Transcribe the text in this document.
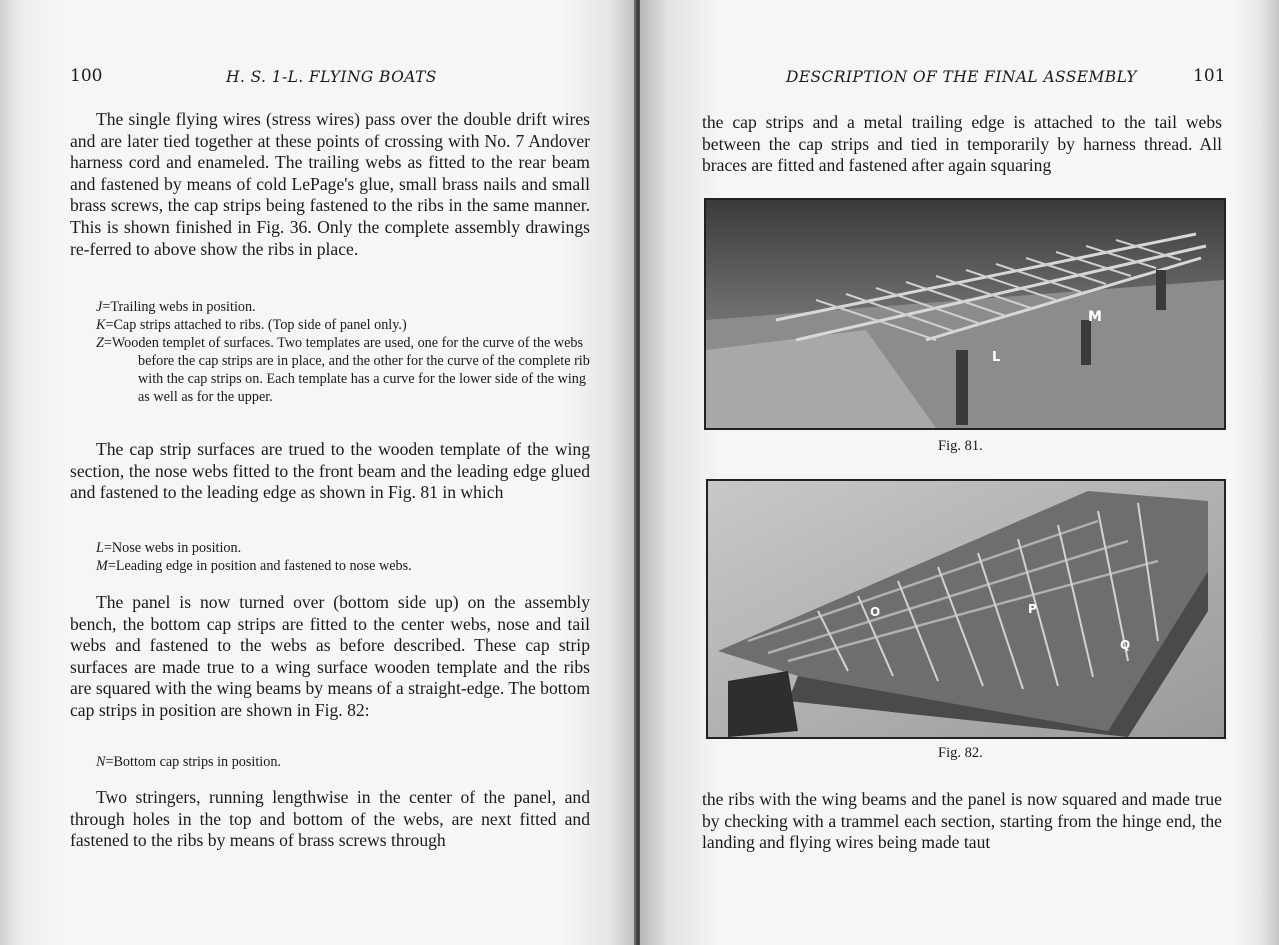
100	H. S. 1-L. FLYING BOATS

The single flying wires (stress wires) pass over the double drift wires and are later tied together at these points of crossing with No. 7 Andover harness cord and enameled. The trailing webs as fitted to the rear beam and fastened by means of cold LePage's glue, small brass nails and small brass screws, the cap strips being fastened to the ribs in the same manner. This is shown finished in Fig. 36. Only the complete assembly drawings re-ferred to above show the ribs in place.

J=Trailing webs in position.
K=Cap strips attached to ribs. (Top side of panel only.)
Z=Wooden templet of surfaces. Two templates are used, one for the curve of the webs before the cap strips are in place, and the other for the curve of the complete rib with the cap strips on. Each template has a curve for the lower side of the wing as well as for the upper.

The cap strip surfaces are trued to the wooden template of the wing section, the nose webs fitted to the front beam and the leading edge glued and fastened to the leading edge as shown in Fig. 81 in which

L=Nose webs in position.
M=Leading edge in position and fastened to nose webs.

The panel is now turned over (bottom side up) on the assembly bench, the bottom cap strips are fitted to the center webs, nose and tail webs and fastened to the webs as before described. These cap strip surfaces are made true to a wing surface wooden template and the ribs are squared with the wing beams by means of a straight-edge. The bottom cap strips in position are shown in Fig. 82:

N=Bottom cap strips in position.

Two stringers, running lengthwise in the center of the panel, and through holes in the top and bottom of the webs, are next fitted and fastened to the ribs by means of brass screws through

DESCRIPTION OF THE FINAL ASSEMBLY	101

the cap strips and a metal trailing edge is attached to the tail webs between the cap strips and tied in temporarily by harness thread. All braces are fitted and fastened after again squaring

L
M
Fig. 81.
O	P
Q
Fig. 82.

the ribs with the wing beams and the panel is now squared and made true by checking with a trammel each section, starting from the hinge end, the landing and flying wires being made taut
